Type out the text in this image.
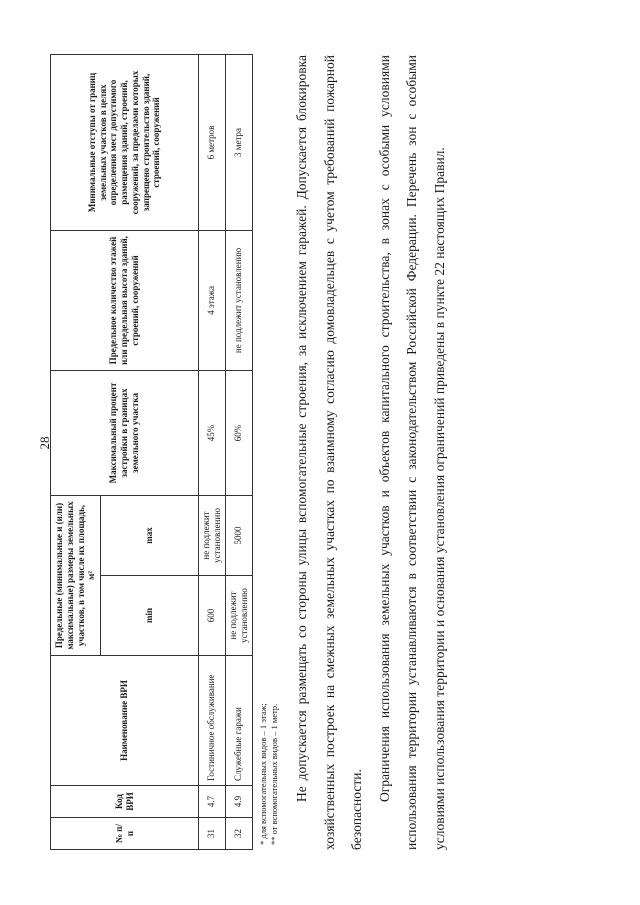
28
№ п/п	Код ВРИ	Наименование ВРИ	Предельные (минимальные и (или) максимальные) размеры земельных участков, в том числе их площадь, м²		Максимальный процент застройки в границах земельного участка	Предельное количество этажей или предельная высота зданий, строений, сооружений	Минимальные отступы от границ земельных участков в целях определения мест допустимого размещения зданий, строений, сооружений, за пределами которых запрещено строительство зданий, строений, сооружений
			min	max			
31	4.7	Гостиничное обслуживание	600	не подлежит установлению	45%	4 этажа	6 метров
32	4.9	Служебные гаражи	не подлежит установлению	5000	60%	не подлежит установлению	3 метра
* для вспомогательных видов – 1 этаж; ** от вспомогательных видов – 1 метр.	Не допускается размещать со стороны улицы вспомогательные строения, за исключением гаражей. Допускается блокировка хозяйственных построек на смежных земельных участках по взаимному согласию домовладельцев с учетом требований пожарной безопасности.

Ограничения использования земельных участков и объектов капитального строительства, в зонах с особыми условиями использования территории устанавливаются в соответствии с законодательством Российской Федерации. Перечень зон с особыми условиями использования территории и основания установления ограничений приведены в пункте 22 настоящих Правил.
